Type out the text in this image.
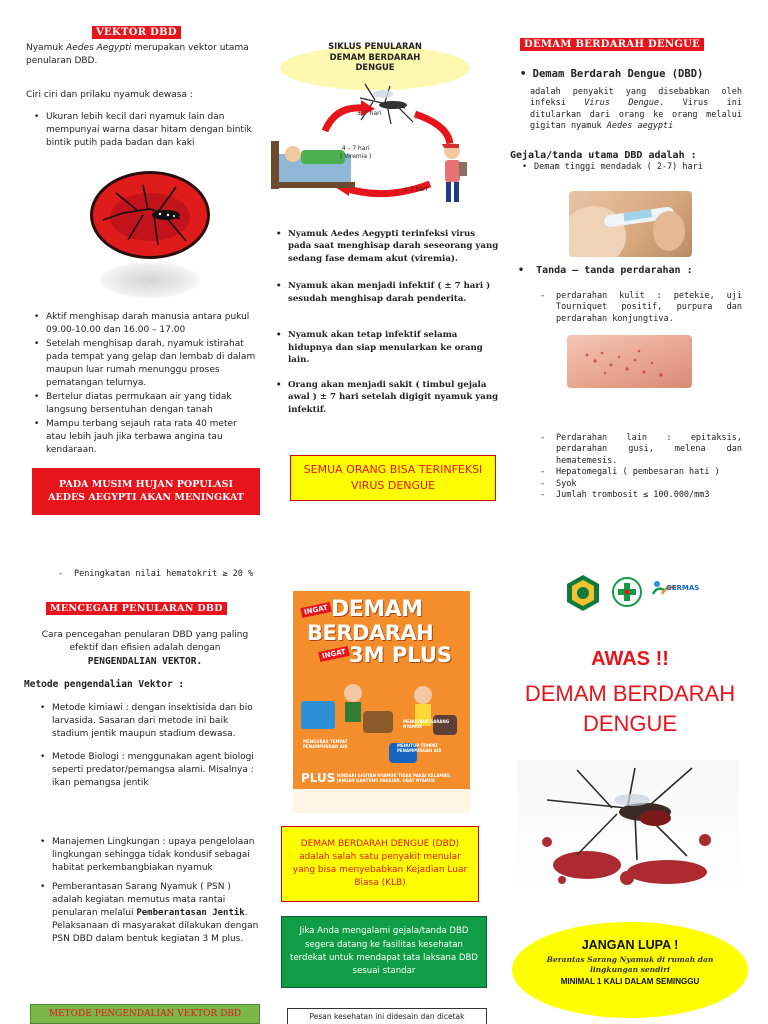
VEKTOR DBD
Nyamuk Aedes Aegypti merupakan vektor utama penularan DBD.
Ciri ciri dan prilaku nyamuk dewasa :
• Ukuran lebih kecil dari nyamuk lain dan mempunyai warna dasar hitam dengan bintik bintik putih pada badan dan kaki
• Aktif menghisap darah manusia antara pukul 09.00-10.00 dan 16.00 – 17.00
• Setelah menghisap darah, nyamuk istirahat pada tempat yang gelap dan lembab di dalam maupun luar rumah menunggu proses pematangan telurnya.
• Bertelur diatas permukaan air yang tidak langsung bersentuhan dengan tanah
• Mampu terbang sejauh rata rata 40 meter atau lebih jauh jika terbawa angina tau kendaraan.
PADA MUSIM HUJAN POPULASI AEDES AEGYPTI AKAN MENINGKAT
SIKLUS PENULARAN
DEMAM BERDARAH DENGUE
± 7 hari
4 – 7 hari
( Viremia )
± 7 hari
• Nyamuk Aedes Aegypti terinfeksi virus pada saat menghisap darah seseorang yang sedang fase demam akut (viremia).
• Nyamuk akan menjadi infektif ( ± 7 hari ) sesudah menghisap darah penderita.
• Nyamuk akan tetap infektif selama hidupnya dan siap menularkan ke orang lain.
• Orang akan menjadi sakit ( timbul gejala awal ) ± 7 hari setelah digigit nyamuk yang infektif.
SEMUA ORANG BISA TERINFEKSI VIRUS DENGUE
DEMAM BERDARAH DENGUE
• Demam Berdarah Dengue (DBD)
adalah penyakit yang disebabkan oleh infeksi Virus Dengue. Virus ini ditularkan dari orang ke orang melalui gigitan nyamuk Aedes aegypti
Gejala/tanda utama DBD adalah :
• Demam tinggi mendadak ( 2-7) hari
• Tanda – tanda perdarahan :
- perdarahan kulit : petekie, uji Tourniquet positif, purpura dan perdarahan konjungtiva.
- Perdarahan lain : epitaksis, perdarahan gusi, melena dan hematemesis.
- Hepatomegali ( pembesaran hati )
- Syok
- Jumlah trombosit ≤ 100.000/mm3
- Peningkatan nilai hematokrit ≥ 20 %
MENCEGAH PENULARAN DBD
Cara pencegahan penularan DBD yang paling efektif dan efisien adalah dengan
PENGENDALIAN VEKTOR.
Metode pengendalian Vektor :
• Metode kimiawi : dengan insektisida dan bio larvasida. Sasaran dari metode ini baik stadium jentik maupun stadium dewasa.
• Metode Biologi : menggunakan agent biologi seperti predator/pemangsa alami. Misalnya : ikan pemangsa jentik
• Manajemen Lingkungan : upaya pengelolaan lingkungan sehingga tidak kondusif sebagai habitat perkembangbiakan nyamuk
• Pemberantasan Sarang Nyamuk ( PSN ) adalah kegiatan memutus mata rantai penularan melalui Pemberantasan Jentik. Pelaksanaan di masyarakat dilakukan dengan PSN DBD dalam bentuk kegiatan 3 M plus.
METODE PENGENDALIAN VEKTOR DBD
INGAT DEMAM
BERDARAH
INGAT 3M PLUS
MENGUBUR SARANG NYAMUK
MENGURAS TEMPAT PENAMPUNGAN AIR	MENUTUP TEMPAT PENAMPUNGAN AIR
PLUS HINDARI GIGITAN NYAMUK TIDAK PAKAI KELAMBU, JANGAN GANTUNG PAKAIAN, OBAT NYAMUK
DEMAM BERDARAH DENGUE (DBD) adalah salah satu penyakit menular yang bisa menyebabkan Kejadian Luar Biasa (KLB)
Jika Anda mengalami gejala/tanda DBD segera datang ke fasilitas kesehatan terdekat untuk mendapat tata laksana DBD sesuai standar
Pesan kesehatan ini didesain dan dicetak
GERMAS
AWAS !!
DEMAM BERDARAH
DENGUE
JANGAN LUPA !
Berantas Sarang Nyamuk di rumah dan lingkungan sendiri
MINIMAL 1 KALI DALAM SEMINGGU
